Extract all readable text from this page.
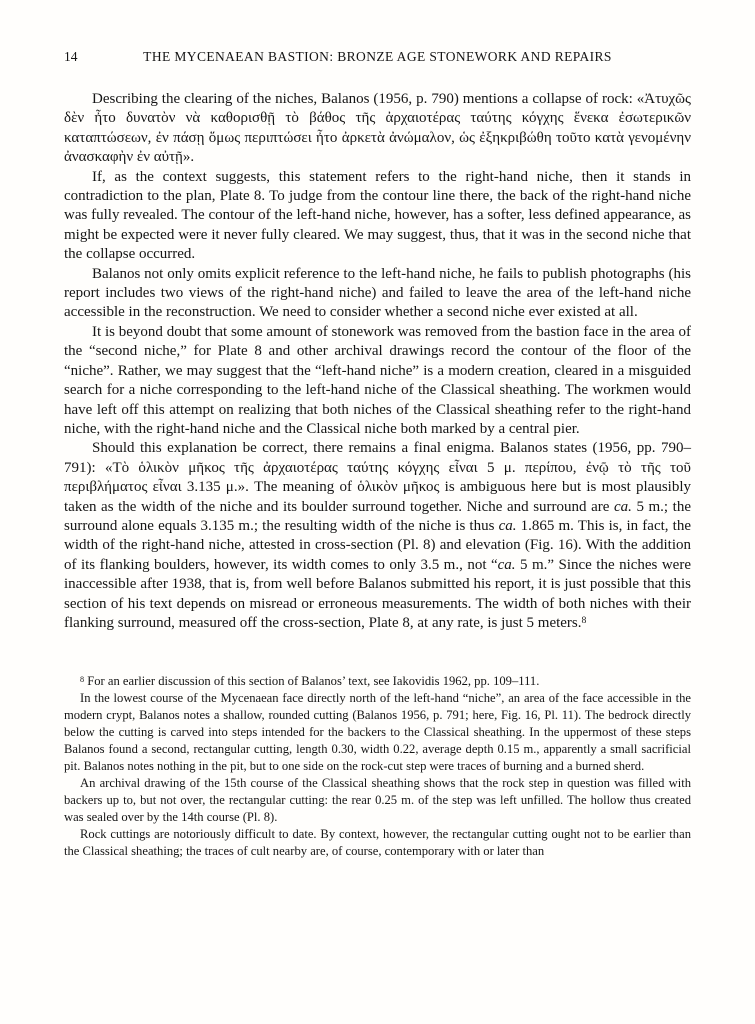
14	THE MYCENAEAN BASTION: BRONZE AGE STONEWORK AND REPAIRS

Describing the clearing of the niches, Balanos (1956, p. 790) mentions a collapse of rock: «Ἀτυχῶς δὲν ἦτο δυνατὸν νὰ καθορισθῇ τὸ βάθος τῆς ἀρχαιοτέρας ταύτης κόγχης ἕνεκα ἐσωτερικῶν καταπτώσεων, ἐν πάσῃ ὅμως περιπτώσει ἦτο ἀρκετὰ ἀνώμαλον, ὡς ἐξηκριβώθη τοῦτο κατὰ γενομένην ἀνασκαφὴν ἐν αὐτῇ».

If, as the context suggests, this statement refers to the right-hand niche, then it stands in contradiction to the plan, Plate 8. To judge from the contour line there, the back of the right-hand niche was fully revealed. The contour of the left-hand niche, however, has a softer, less defined appearance, as might be expected were it never fully cleared. We may suggest, thus, that it was in the second niche that the collapse occurred.

Balanos not only omits explicit reference to the left-hand niche, he fails to publish photographs (his report includes two views of the right-hand niche) and failed to leave the area of the left-hand niche accessible in the reconstruction. We need to consider whether a second niche ever existed at all.

It is beyond doubt that some amount of stonework was removed from the bastion face in the area of the “second niche,” for Plate 8 and other archival drawings record the contour of the floor of the “niche”. Rather, we may suggest that the “left-hand niche” is a modern creation, cleared in a misguided search for a niche corresponding to the left-hand niche of the Classical sheathing. The workmen would have left off this attempt on realizing that both niches of the Classical sheathing refer to the right-hand niche, with the right-hand niche and the Classical niche both marked by a central pier.

Should this explanation be correct, there remains a final enigma. Balanos states (1956, pp. 790–791): «Τὸ ὁλικὸν μῆκος τῆς ἀρχαιοτέρας ταύτης κόγχης εἶναι 5 μ. περίπου, ἐνῷ τὸ τῆς τοῦ περιβλήματος εἶναι 3.135 μ.». The meaning of ὁλικὸν μῆκος is ambiguous here but is most plausibly taken as the width of the niche and its boulder surround together. Niche and surround are ca. 5 m.; the surround alone equals 3.135 m.; the resulting width of the niche is thus ca. 1.865 m. This is, in fact, the width of the right-hand niche, attested in cross-section (Pl. 8) and elevation (Fig. 16). With the addition of its flanking boulders, however, its width comes to only 3.5 m., not “ca. 5 m.” Since the niches were inaccessible after 1938, that is, from well before Balanos submitted his report, it is just possible that this section of his text depends on misread or erroneous measurements. The width of both niches with their flanking surround, measured off the cross-section, Plate 8, at any rate, is just 5 meters.$^8$

$^8$ For an earlier discussion of this section of Balanos’ text, see Iakovidis 1962, pp. 109–111.

In the lowest course of the Mycenaean face directly north of the left-hand “niche”, an area of the face accessible in the modern crypt, Balanos notes a shallow, rounded cutting (Balanos 1956, p. 791; here, Fig. 16, Pl. 11). The bedrock directly below the cutting is carved into steps intended for the backers to the Classical sheathing. In the uppermost of these steps Balanos found a second, rectangular cutting, length 0.30, width 0.22, average depth 0.15 m., apparently a small sacrificial pit. Balanos notes nothing in the pit, but to one side on the rock-cut step were traces of burning and a burned sherd.

An archival drawing of the 15th course of the Classical sheathing shows that the rock step in question was filled with backers up to, but not over, the rectangular cutting: the rear 0.25 m. of the step was left unfilled. The hollow thus created was sealed over by the 14th course (Pl. 8).

Rock cuttings are notoriously difficult to date. By context, however, the rectangular cutting ought not to be earlier than the Classical sheathing; the traces of cult nearby are, of course, contemporary with or later than
